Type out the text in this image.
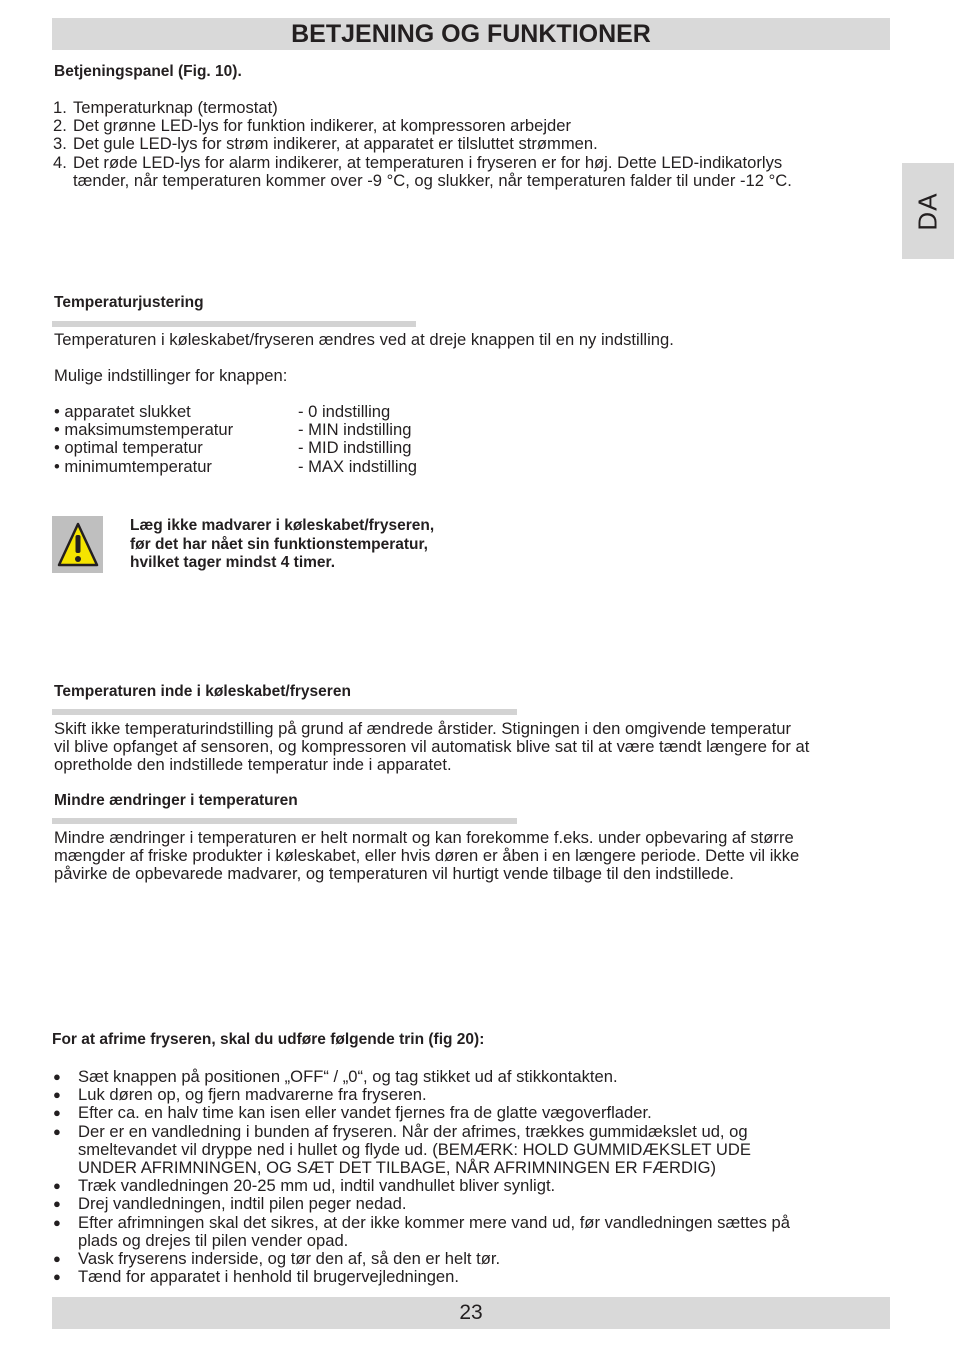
BETJENING OG FUNKTIONER
DA
Betjeningspanel (Fig. 10).
1. Temperaturknap (termostat)
2. Det grønne LED-lys for funktion indikerer, at kompressoren arbejder
3. Det gule LED-lys for strøm indikerer, at apparatet er tilsluttet strømmen.
4. Det røde LED-lys for alarm indikerer, at temperaturen i fryseren er for høj. Dette LED-indikatorlys
tænder, når temperaturen kommer over -9 °C, og slukker, når temperaturen falder til under -12 °C.
Temperaturjustering
Temperaturen i køleskabet/fryseren ændres ved at dreje knappen til en ny indstilling.
Mulige indstillinger for knappen:
• apparatet slukket	- 0 indstilling
• maksimumstemperatur	- MIN indstilling
• optimal temperatur	- MID indstilling
• minimumtemperatur	- MAX indstilling
Læg ikke madvarer i køleskabet/fryseren,
før det har nået sin funktionstemperatur,
hvilket tager mindst 4 timer.
Temperaturen inde i køleskabet/fryseren
Skift ikke temperaturindstilling på grund af ændrede årstider. Stigningen i den omgivende temperatur
vil blive opfanget af sensoren, og kompressoren vil automatisk blive sat til at være tændt længere for at
opretholde den indstillede temperatur inde i apparatet.
Mindre ændringer i temperaturen
Mindre ændringer i temperaturen er helt normalt og kan forekomme f.eks. under opbevaring af større
mængder af friske produkter i køleskabet, eller hvis døren er åben i en længere periode. Dette vil ikke
påvirke de opbevarede madvarer, og temperaturen vil hurtigt vende tilbage til den indstillede.
For at afrime fryseren, skal du udføre følgende trin (fig 20):
● Sæt knappen på positionen „OFF“ / „0“, og tag stikket ud af stikkontakten.
● Luk døren op, og fjern madvarerne fra fryseren.
● Efter ca. en halv time kan isen eller vandet fjernes fra de glatte vægoverflader.
● Der er en vandledning i bunden af fryseren. Når der afrimes, trækkes gummidækslet ud, og
smeltevandet vil dryppe ned i hullet og flyde ud. (BEMÆRK: HOLD GUMMIDÆKSLET UDE
UNDER AFRIMNINGEN, OG SÆT DET TILBAGE, NÅR AFRIMNINGEN ER FÆRDIG)
● Træk vandledningen 20-25 mm ud, indtil vandhullet bliver synligt.
● Drej vandledningen, indtil pilen peger nedad.
● Efter afrimningen skal det sikres, at der ikke kommer mere vand ud, før vandledningen sættes på
plads og drejes til pilen vender opad.
● Vask fryserens inderside, og tør den af, så den er helt tør.
● Tænd for apparatet i henhold til brugervejledningen.
23
